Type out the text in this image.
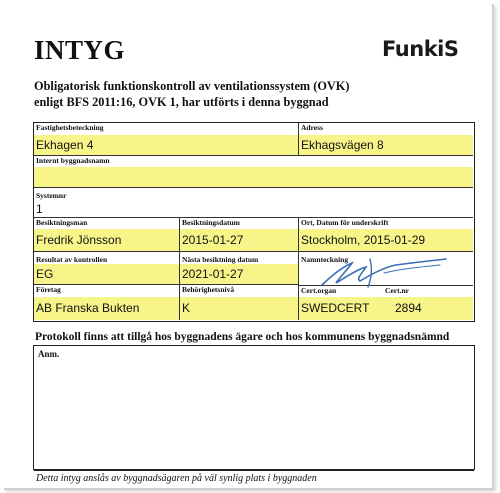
INTYG	FunkiS
Obligatorisk funktionskontroll av ventilationssystem (OVK)
enligt BFS 2011:16, OVK 1, har utförts i denna byggnad
Fastighetsbeteckning
Ekhagen 4
Adress
Ekhagsvägen 8
Internt byggnadsnamn
Systemnr
1
Besiktningsman
Fredrik Jönsson
Besiktningsdatum
2015-01-27
Ort, Datum för underskrift
Stockholm, 2015-01-29
Resultat av kontrollen
EG
Nästa besiktning datum
2021-01-27
Namnteckning
Företag
AB Franska Bukten
Behörighetsnivå
K
Cert.organ	Cert.nr
SWEDCERT 2894
Protokoll finns att tillgå hos byggnadens ägare och hos kommunens byggnadsnämnd
Anm.
Detta intyg anslås av byggnadsägaren på väl synlig plats i byggnaden
